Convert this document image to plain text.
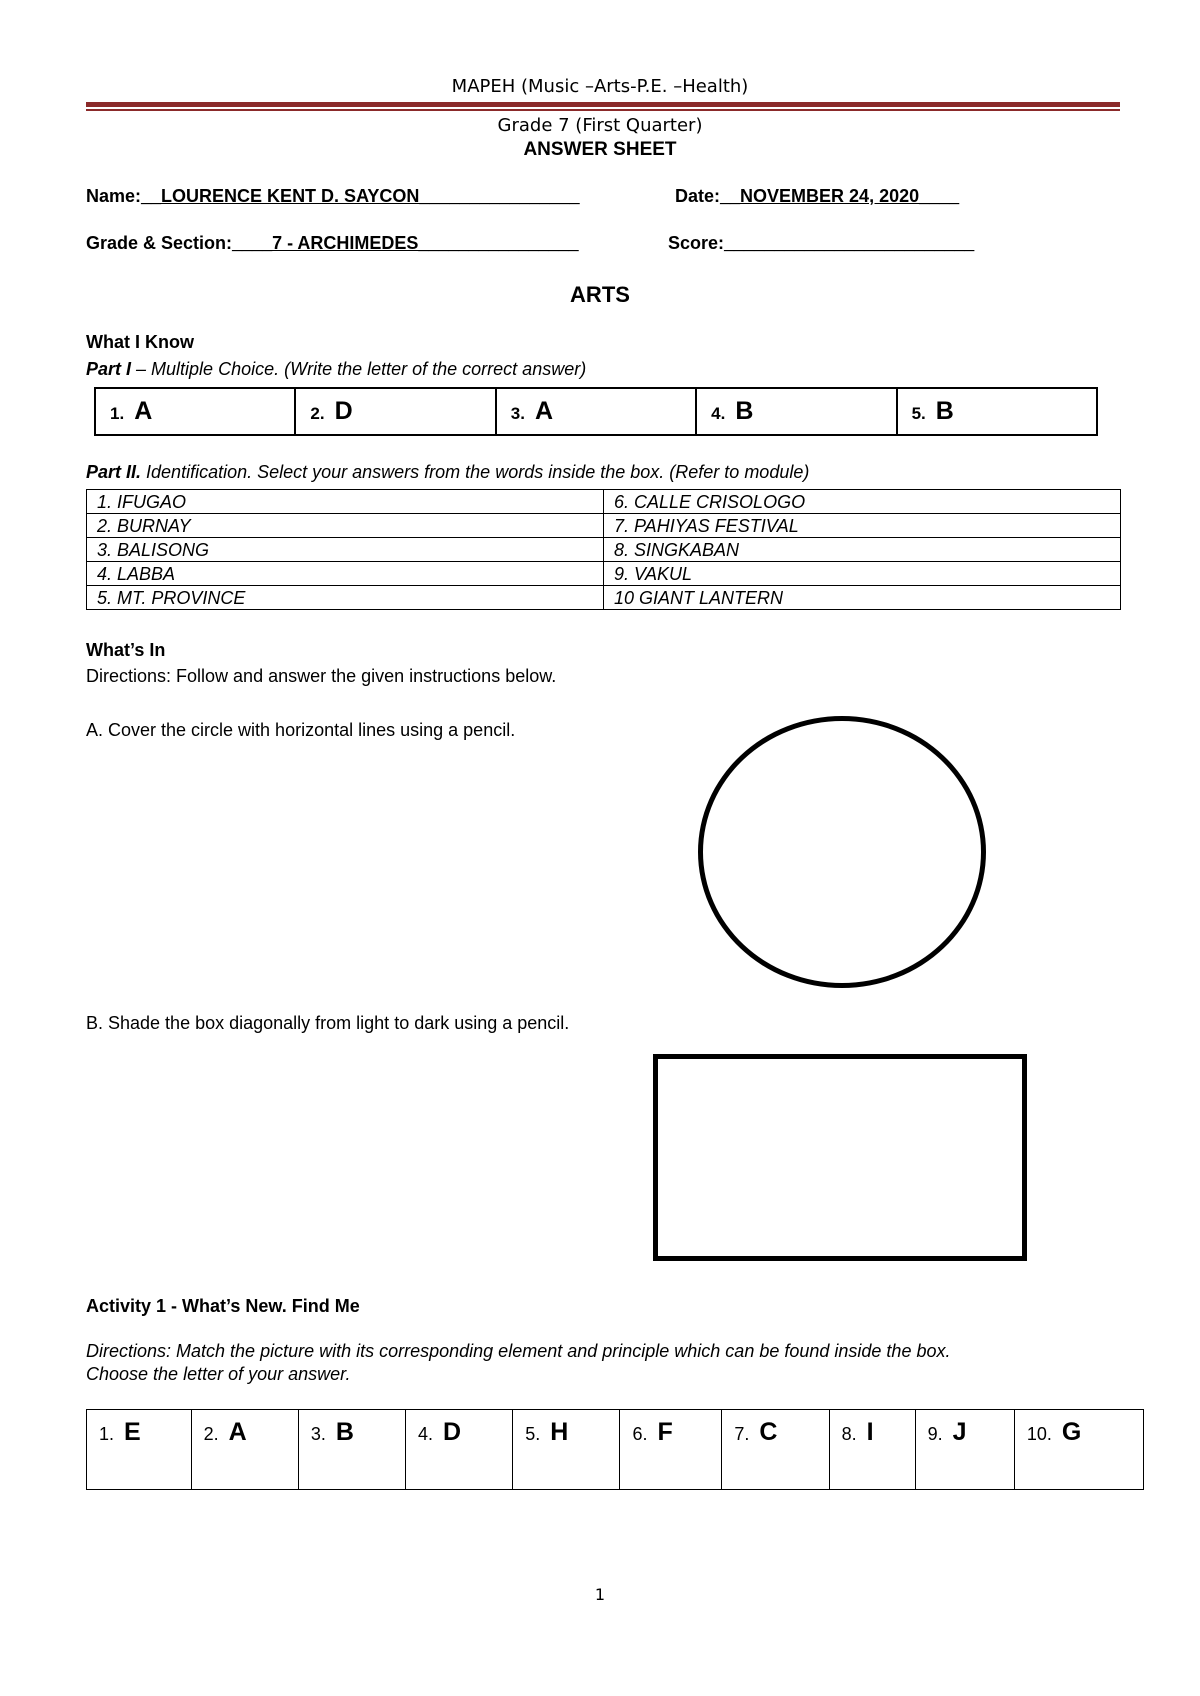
MAPEH (Music –Arts-P.E. –Health)
Grade 7 (First Quarter)
ANSWER SHEET
Name:__LOURENCE KENT D. SAYCON________________	Date:__NOVEMBER 24, 2020____
Grade & Section:____7 - ARCHIMEDES________________	Score:_________________________
ARTS
What I Know
Part I – Multiple Choice. (Write the letter of the correct answer)
1. A	2. D	3. A	4. B	5. B
Part II. Identification. Select your answers from the words inside the box. (Refer to module)
1. IFUGAO	6. CALLE CRISOLOGO
2. BURNAY	7. PAHIYAS FESTIVAL
3. BALISONG	8. SINGKABAN
4. LABBA	9. VAKUL
5. MT. PROVINCE	10 GIANT LANTERN
What’s In
Directions: Follow and answer the given instructions below.
A. Cover the circle with horizontal lines using a pencil.
B. Shade the box diagonally from light to dark using a pencil.
Activity 1 - What’s New. Find Me
Directions: Match the picture with its corresponding element and principle which can be found inside the box.
Choose the letter of your answer.
1. E	2. A	3. B	4. D	5. H	6. F	7. C	8. I	9. J	10. G
1
